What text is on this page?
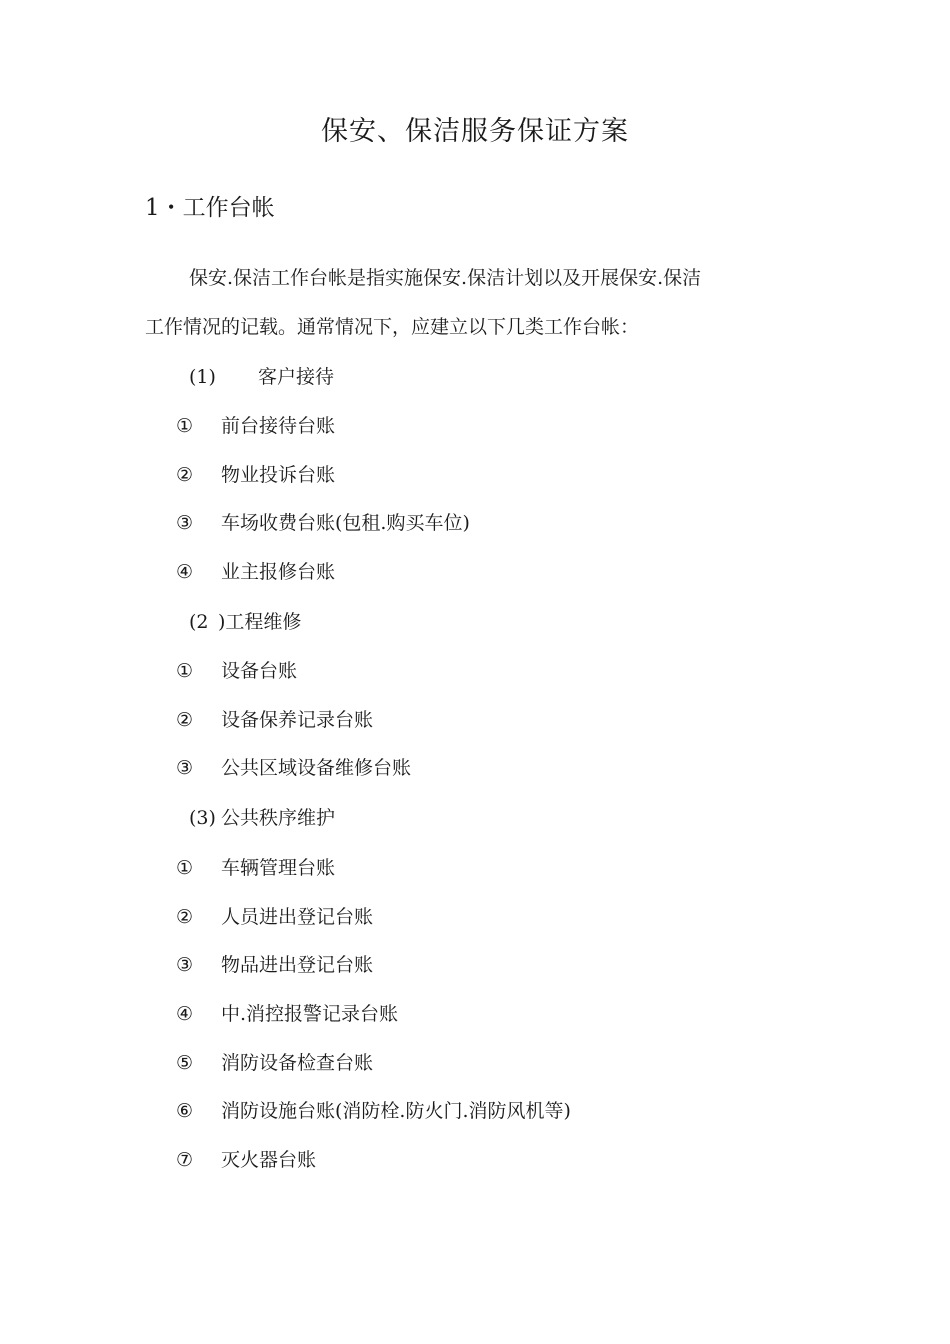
保安、保洁服务保证方案
1・工作台帐
保安.保洁工作台帐是指实施保安.保洁计划以及开展保安.保洁
工作情况的记载。通常情况下，应建立以下几类工作台帐：
(1) 客户接待
①	前台接待台账
②	物业投诉台账
③	车场收费台账(包租.购买车位)
④	业主报修台账
(2 )工程维修
①	设备台账
②	设备保养记录台账
③	公共区域设备维修台账
(3) 公共秩序维护
①	车辆管理台账
②	人员进出登记台账
③	物品进出登记台账
④	中.消控报警记录台账
⑤	消防设备检查台账
⑥	消防设施台账(消防栓.防火门.消防风机等)
⑦	灭火器台账
